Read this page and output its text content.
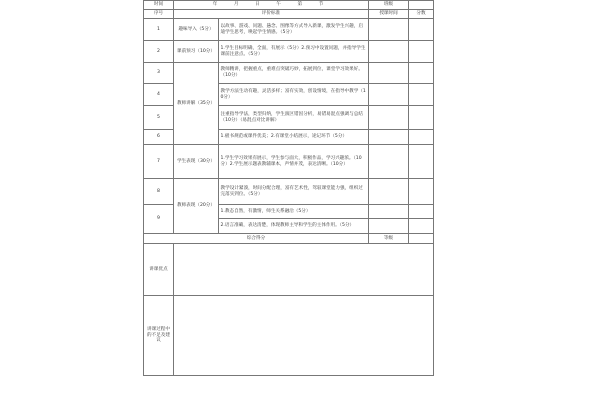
时间	年　月　日　午　第　节		班级	
序号	评价标准		授课时间	分数
1	趣味导入（5分）	以故事、游戏、问题、悬念、图像等方式导入新课，激发学生兴趣，启迪学生思考，唤起学生情感。（5分）		
2	课前预习（10分）	1.学生目标明确，全面，有展示（5分）2.预习中设置问题，并指导学生课前注意点。（5分）		
3	教师讲解（35分）	教师精讲，把握重点，重难点突破巧妙，拓展到位，课堂学习效果好。（10分）		
4		教学方法生动有趣，灵活多样；富有实效，创设情境，在指导中教学（10分）		
5		注重指导学法，类型归纳，学生演区错因分析，易错易混点强调与总结（10分）（易混点对比讲解）		
6		1.板书规范或课件优美；2.有课堂小结展示，途记环节（5分）		
7	学生表现（30分）	1.学生学习效果有展示，学生参与面大，积极作品，学习兴趣浓。（10分）2.学生展示题表教辅课本，声情并茂，表达清晰。（10分）		
8	教师表现（20分）	教学设计紧凑，时间分配合理，富有艺术性，驾驭课堂能力强，组织过完落实到位。（5分）		
9		1.教态自然，有激情，师生关系融洽（5分）		
		2.语言准确，表达清楚，体现教师主导和学生的主体作用。（5分）		
综合得分			等级	
讲课优点				
讲课过程中的不足及建议				
